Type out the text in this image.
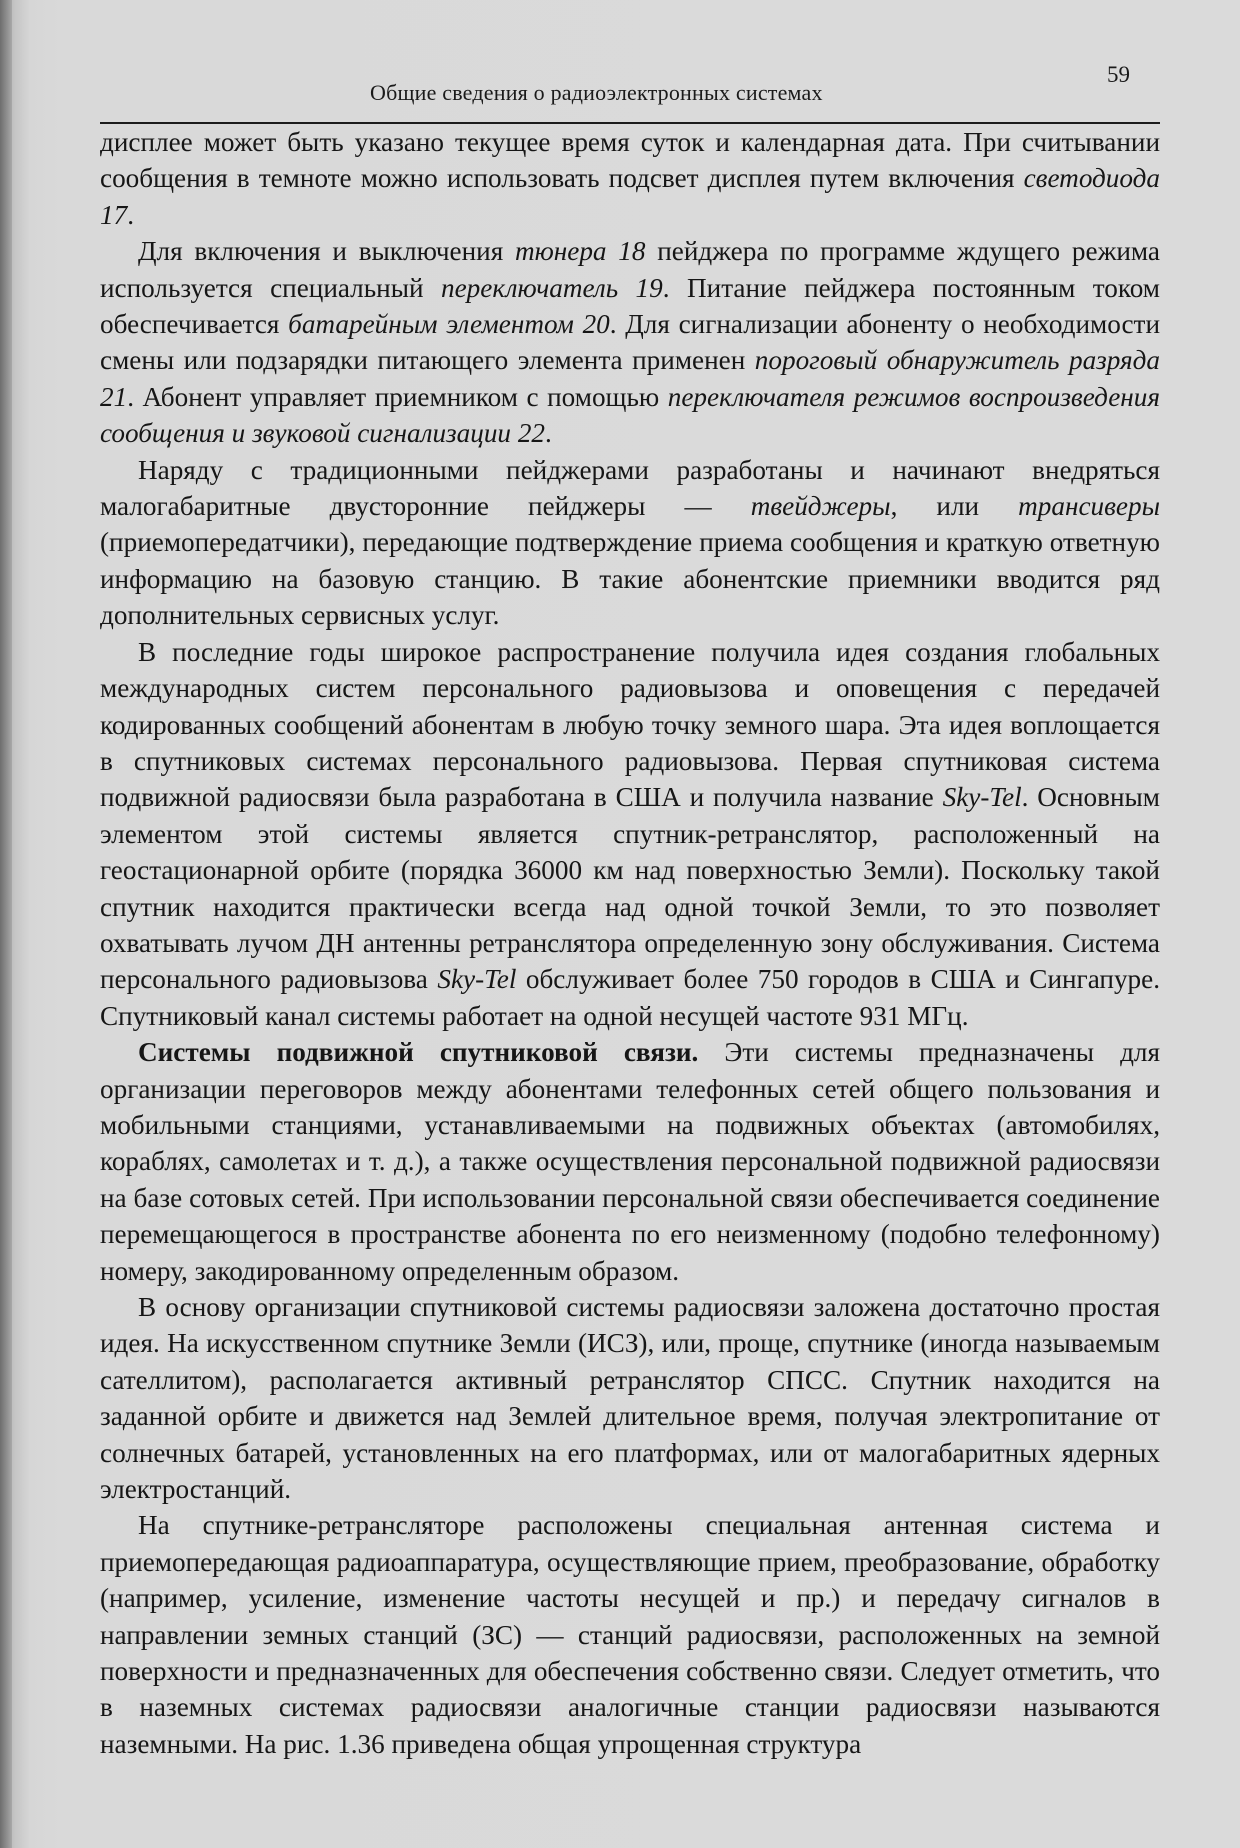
Общие сведения о радиоэлектронных системах
59

дисплее может быть указано текущее время суток и календарная дата. При считывании сообщения в темноте можно использовать подсвет дисплея путем включения светодиода 17.

Для включения и выключения тюнера 18 пейджера по программе ждущего режима используется специальный переключатель 19. Питание пейджера постоянным током обеспечивается батарейным элементом 20. Для сигнализации абоненту о необходимости смены или подзарядки питающего элемента применен пороговый обнаружитель разряда 21. Абонент управляет приемником с помощью переключателя режимов воспроизведения сообщения и звуковой сигнализации 22.

Наряду с традиционными пейджерами разработаны и начинают внедряться малогабаритные двусторонние пейджеры — твейджеры, или трансиверы (приемопередатчики), передающие подтверждение приема сообщения и краткую ответную информацию на базовую станцию. В такие абонентские приемники вводится ряд дополнительных сервисных услуг.

В последние годы широкое распространение получила идея создания глобальных международных систем персонального радиовызова и оповещения с передачей кодированных сообщений абонентам в любую точку земного шара. Эта идея воплощается в спутниковых системах персонального радиовызова. Первая спутниковая система подвижной радиосвязи была разработана в США и получила название Sky-Tel. Основным элементом этой системы является спутник-ретранслятор, расположенный на геостационарной орбите (порядка 36000 км над поверхностью Земли). Поскольку такой спутник находится практически всегда над одной точкой Земли, то это позволяет охватывать лучом ДН антенны ретранслятора определенную зону обслуживания. Система персонального радиовызова Sky-Tel обслуживает более 750 городов в США и Сингапуре. Спутниковый канал системы работает на одной несущей частоте 931 МГц.

Системы подвижной спутниковой связи. Эти системы предназначены для организации переговоров между абонентами телефонных сетей общего пользования и мобильными станциями, устанавливаемыми на подвижных объектах (автомобилях, кораблях, самолетах и т. д.), а также осуществления персональной подвижной радиосвязи на базе сотовых сетей. При использовании персональной связи обеспечивается соединение перемещающегося в пространстве абонента по его неизменному (подобно телефонному) номеру, закодированному определенным образом.

В основу организации спутниковой системы радиосвязи заложена достаточно простая идея. На искусственном спутнике Земли (ИСЗ), или, проще, спутнике (иногда называемым сателлитом), располагается активный ретранслятор СПСС. Спутник находится на заданной орбите и движется над Землей длительное время, получая электропитание от солнечных батарей, установленных на его платформах, или от малогабаритных ядерных электростанций.

На спутнике-ретрансляторе расположены специальная антенная система и приемопередающая радиоаппаратура, осуществляющие прием, преобразование, обработку (например, усиление, изменение частоты несущей и пр.) и передачу сигналов в направлении земных станций (ЗС) — станций радиосвязи, расположенных на земной поверхности и предназначенных для обеспечения собственно связи. Следует отметить, что в наземных системах радиосвязи аналогичные станции радиосвязи называются наземными. На рис. 1.36 приведена общая упрощенная структура
